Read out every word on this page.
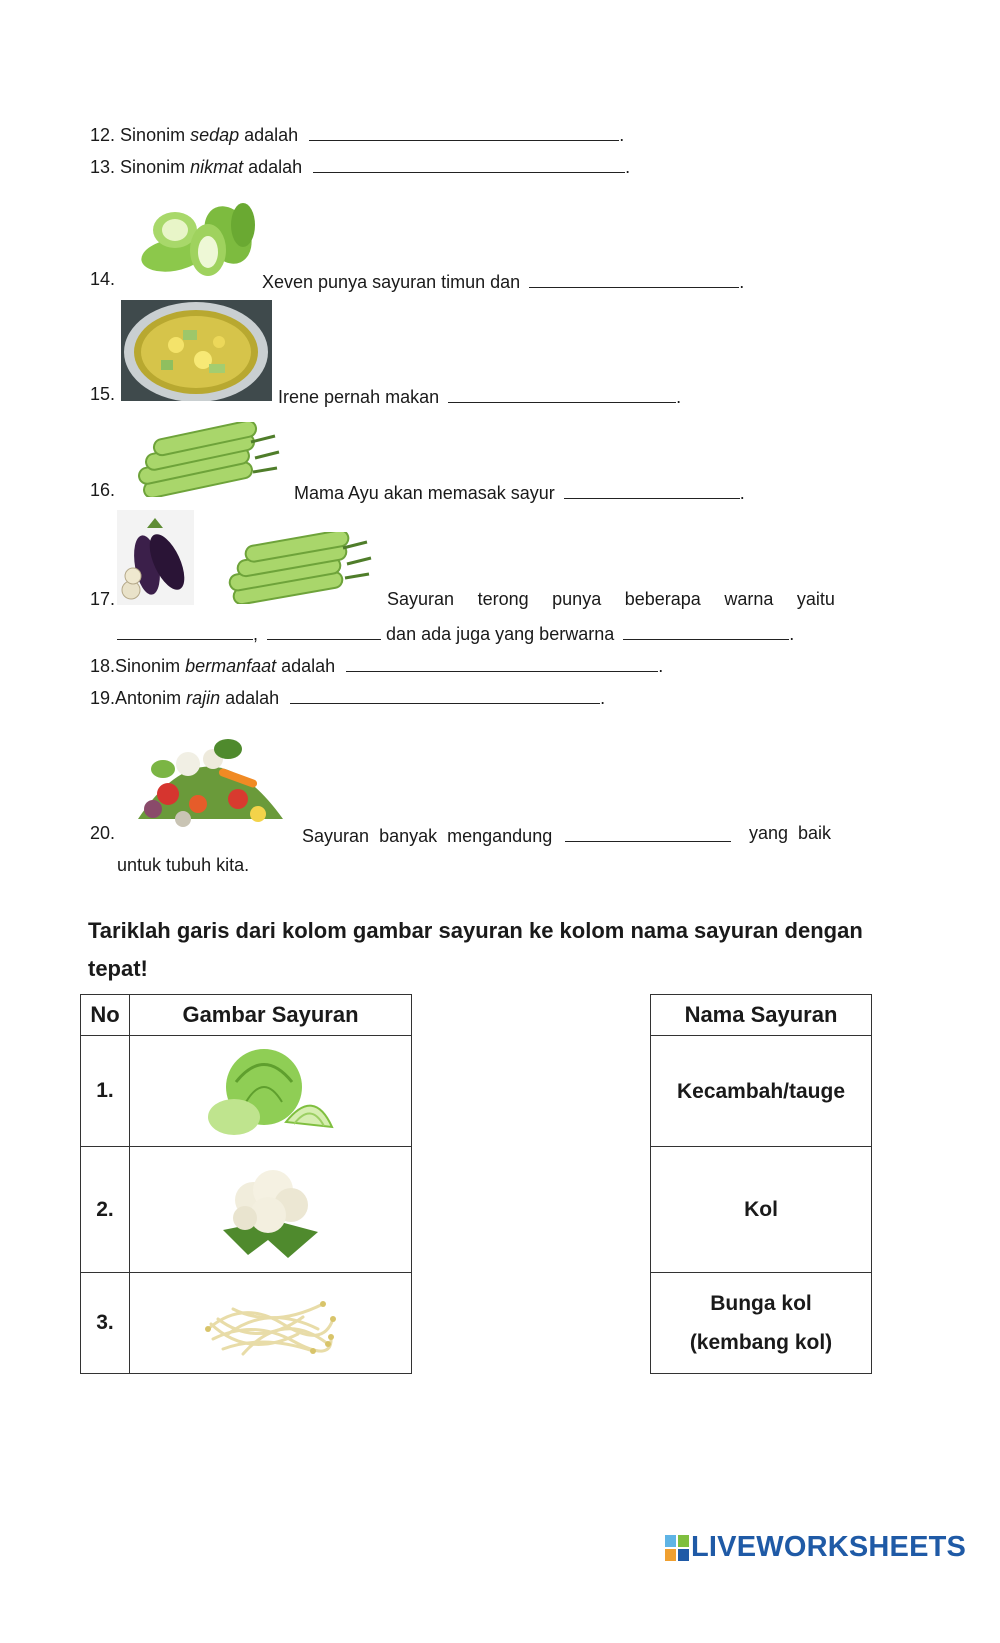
12. Sinonim sedap adalah	.
13. Sinonim nikmat adalah	.
14.	Xeven punya sayuran timun dan	.
15.	Irene pernah makan	.
16.	Mama Ayu akan memasak sayur	.
17.	Sayuran terong punya beberapa warna yaitu
,	dan ada juga yang berwarna	.
18.Sinonim bermanfaat adalah	.
19.Antonim rajin adalah	.
20.	Sayuran banyak mengandung	yang  baik
untuk tubuh kita.
Tariklah garis dari kolom gambar sayuran ke kolom nama sayuran dengan
tepat!
No	Gambar Sayuran
1.	

2.	

3.	
Nama Sayuran

Kecambah/tauge

Kol

Bunga kol
(kembang kol)
LIVEWORKSHEETS
